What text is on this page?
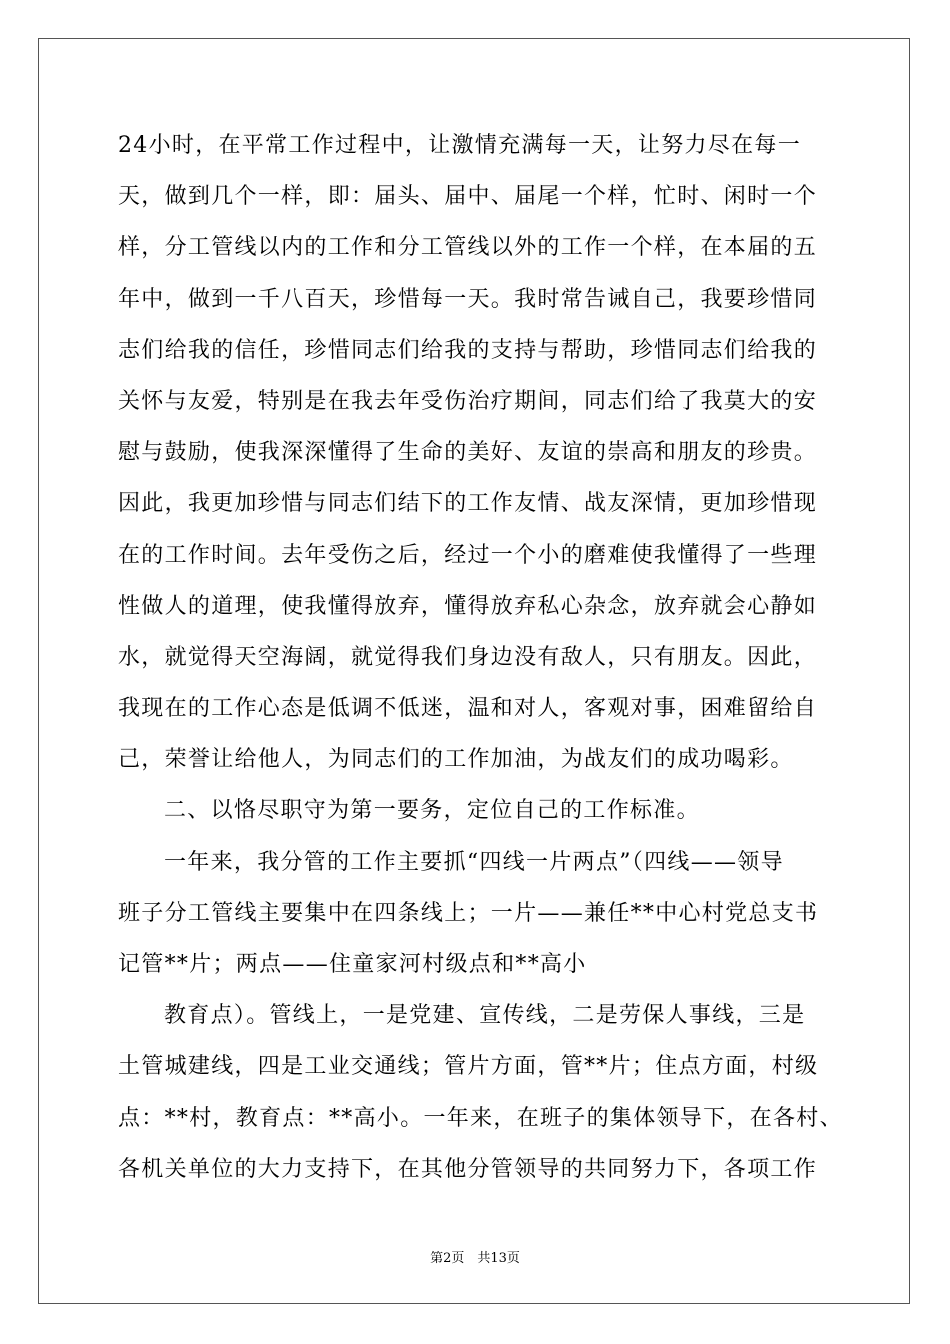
24小时，在平常工作过程中，让激情充满每一天，让努力尽在每一
天，做到几个一样，即：届头、届中、届尾一个样，忙时、闲时一个
样，分工管线以内的工作和分工管线以外的工作一个样，在本届的五
年中，做到一千八百天，珍惜每一天。我时常告诫自己，我要珍惜同
志们给我的信任，珍惜同志们给我的支持与帮助，珍惜同志们给我的
关怀与友爱，特别是在我去年受伤治疗期间，同志们给了我莫大的安
慰与鼓励，使我深深懂得了生命的美好、友谊的崇高和朋友的珍贵。
因此，我更加珍惜与同志们结下的工作友情、战友深情，更加珍惜现
在的工作时间。去年受伤之后，经过一个小的磨难使我懂得了一些理
性做人的道理，使我懂得放弃，懂得放弃私心杂念，放弃就会心静如
水，就觉得天空海阔，就觉得我们身边没有敌人，只有朋友。因此，
我现在的工作心态是低调不低迷，温和对人，客观对事，困难留给自
己，荣誉让给他人，为同志们的工作加油，为战友们的成功喝彩。
二、以恪尽职守为第一要务，定位自己的工作标准。
一年来，我分管的工作主要抓“四线一片两点”（四线——领导
班子分工管线主要集中在四条线上；一片——兼任**中心村党总支书
记管**片；两点——住童家河村级点和**高小
教育点）。管线上，一是党建、宣传线，二是劳保人事线，三是
土管城建线，四是工业交通线；管片方面，管**片；住点方面，村级
点：**村，教育点：**高小。一年来，在班子的集体领导下，在各村、
各机关单位的大力支持下，在其他分管领导的共同努力下，各项工作
第2页　共13页
